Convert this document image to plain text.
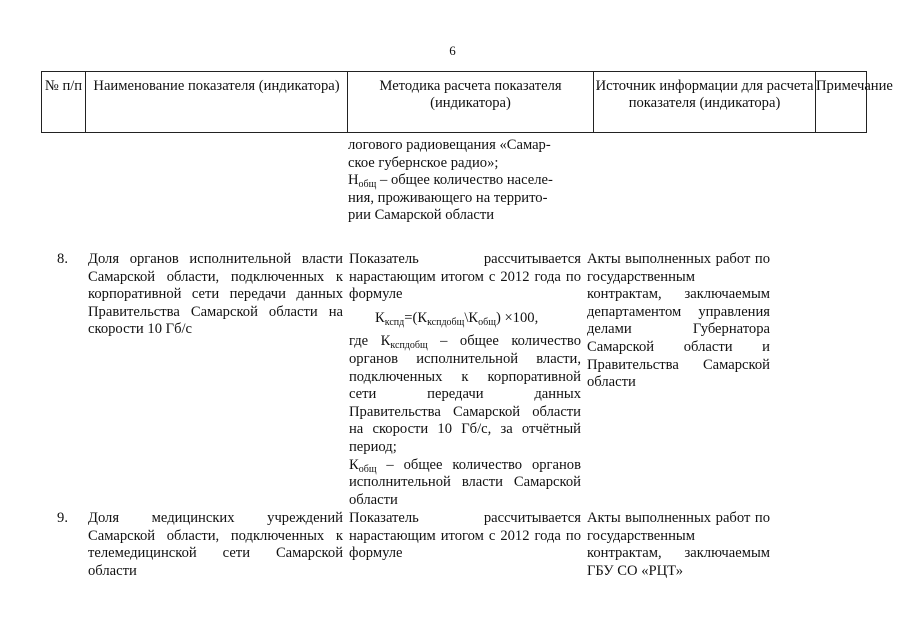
6
№ п/п Наименование показателя (индикатора)	Методика расчета показателя (индикатора)
Источник информации для расчета показателя (индикатора)
Примечание

логового радиовещания «Самар-

ское губернское радио»;

$Н_{общ}$ – общее количество населе-

ния, проживающего на террито-

рии Самарской области

8. Доля органов исполнительной власти Самарской области, подключенных к корпоративной сети передачи данных Правительства Самарской области на скорости 10 Гб/с

Показатель рассчитывается нарастающим итогом с 2012 года по формуле

$К_{кспд}=(К_{кспдобщ}\backslash К_{общ}) \times 100$,

где $К_{кспдобщ}$ – общее количество органов исполнительной власти, подключенных к корпоративной сети передачи данных Правительства Самарской области на скорости 10 Гб/с, за отчётный период;

$К_{общ}$ – общее количество органов исполнительной власти Самарской области

Акты выполненных работ по государственным контрактам, заключаемым департаментом управления делами Губернатора Самарской области и Правительства Самарской области
9. Доля медицинских учреждений Самарской области, подключенных к телемедицинской сети Самарской области
Показатель рассчитывается нарастающим итогом с 2012 года по формуле
Акты выполненных работ по государственным контрактам, заключаемым ГБУ СО «РЦТ»
